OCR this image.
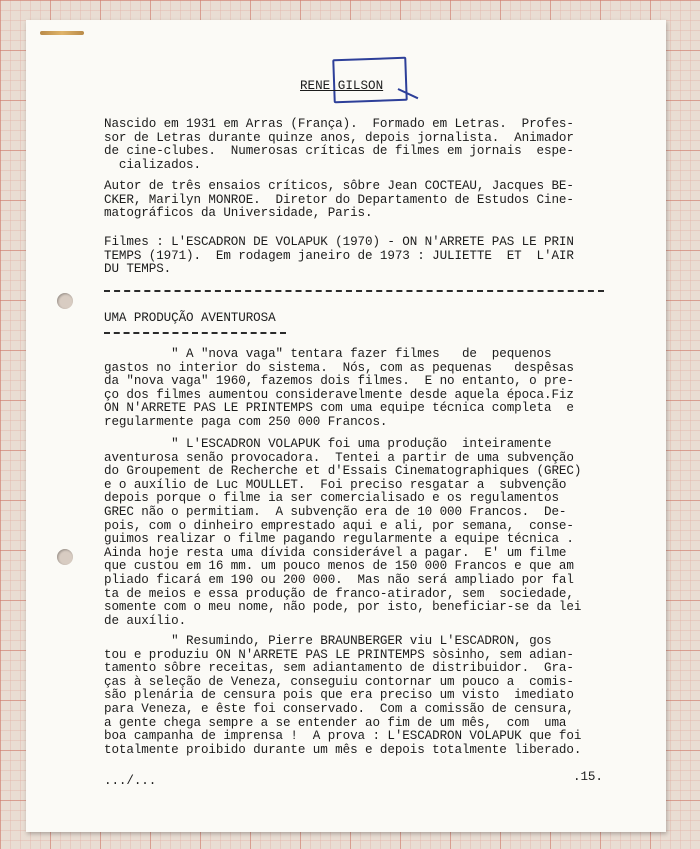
RENE GILSON

Nascido em 1931 em Arras (França).  Formado em Letras.  Profes-
sor de Letras durante quinze anos, depois jornalista.  Animador
de cine-clubes.  Numerosas críticas de filmes em jornais  espe-
cializados.

Autor de três ensaios críticos, sôbre Jean COCTEAU, Jacques BE-
CKER, Marilyn MONROE.  Diretor do Departamento de Estudos Cine-
matográficos da Universidade, Paris.

Filmes : L'ESCADRON DE VOLAPUK (1970) - ON N'ARRETE PAS LE PRIN
TEMPS (1971).  Em rodagem janeiro de 1973 : JULIETTE  ET  L'AIR
DU TEMPS.

UMA PRODUÇÃO AVENTUROSA

" A "nova vaga" tentara fazer filmes   de  pequenos
gastos no interior do sistema.  Nós, com as pequenas   despêsas
da "nova vaga" 1960, fazemos dois filmes.  E no entanto, o pre-
ço dos filmes aumentou consideravelmente desde aquela época.Fiz
ON N'ARRETE PAS LE PRINTEMPS com uma equipe técnica completa  e
regularmente paga com 250 000 Francos.

" L'ESCADRON VOLAPUK foi uma produção  inteiramente
aventurosa senão provocadora.  Tentei a partir de uma subvenção
do Groupement de Recherche et d'Essais Cinematographiques (GREC)
e o auxílio de Luc MOULLET.  Foi preciso resgatar a  subvenção
depois porque o filme ia ser comercialisado e os regulamentos
GREC não o permitiam.  A subvenção era de 10 000 Francos.  De-
pois, com o dinheiro emprestado aqui e ali, por semana,  conse-
guimos realizar o filme pagando regularmente a equipe técnica .
Ainda hoje resta uma dívida considerável a pagar.  E' um filme
que custou em 16 mm. um pouco menos de 150 000 Francos e que am
pliado ficará em 190 ou 200 000.  Mas não será ampliado por fal
ta de meios e essa produção de franco-atirador, sem  sociedade,
somente com o meu nome, não pode, por isto, beneficiar-se da lei
de auxílio.

" Resumindo, Pierre BRAUNBERGER viu L'ESCADRON, gos
tou e produziu ON N'ARRETE PAS LE PRINTEMPS sòsinho, sem adian-
tamento sôbre receitas, sem adiantamento de distribuidor.  Gra-
ças à seleção de Veneza, conseguiu contornar um pouco a  comis-
são plenária de censura pois que era preciso um visto  imediato
para Veneza, e êste foi conservado.  Com a comissão de censura,
a gente chega sempre a se entender ao fim de um mês,  com  uma
boa campanha de imprensa !  A prova : L'ESCADRON VOLAPUK que foi
totalmente proibido durante um mês e depois totalmente liberado.

.../...	.15.
